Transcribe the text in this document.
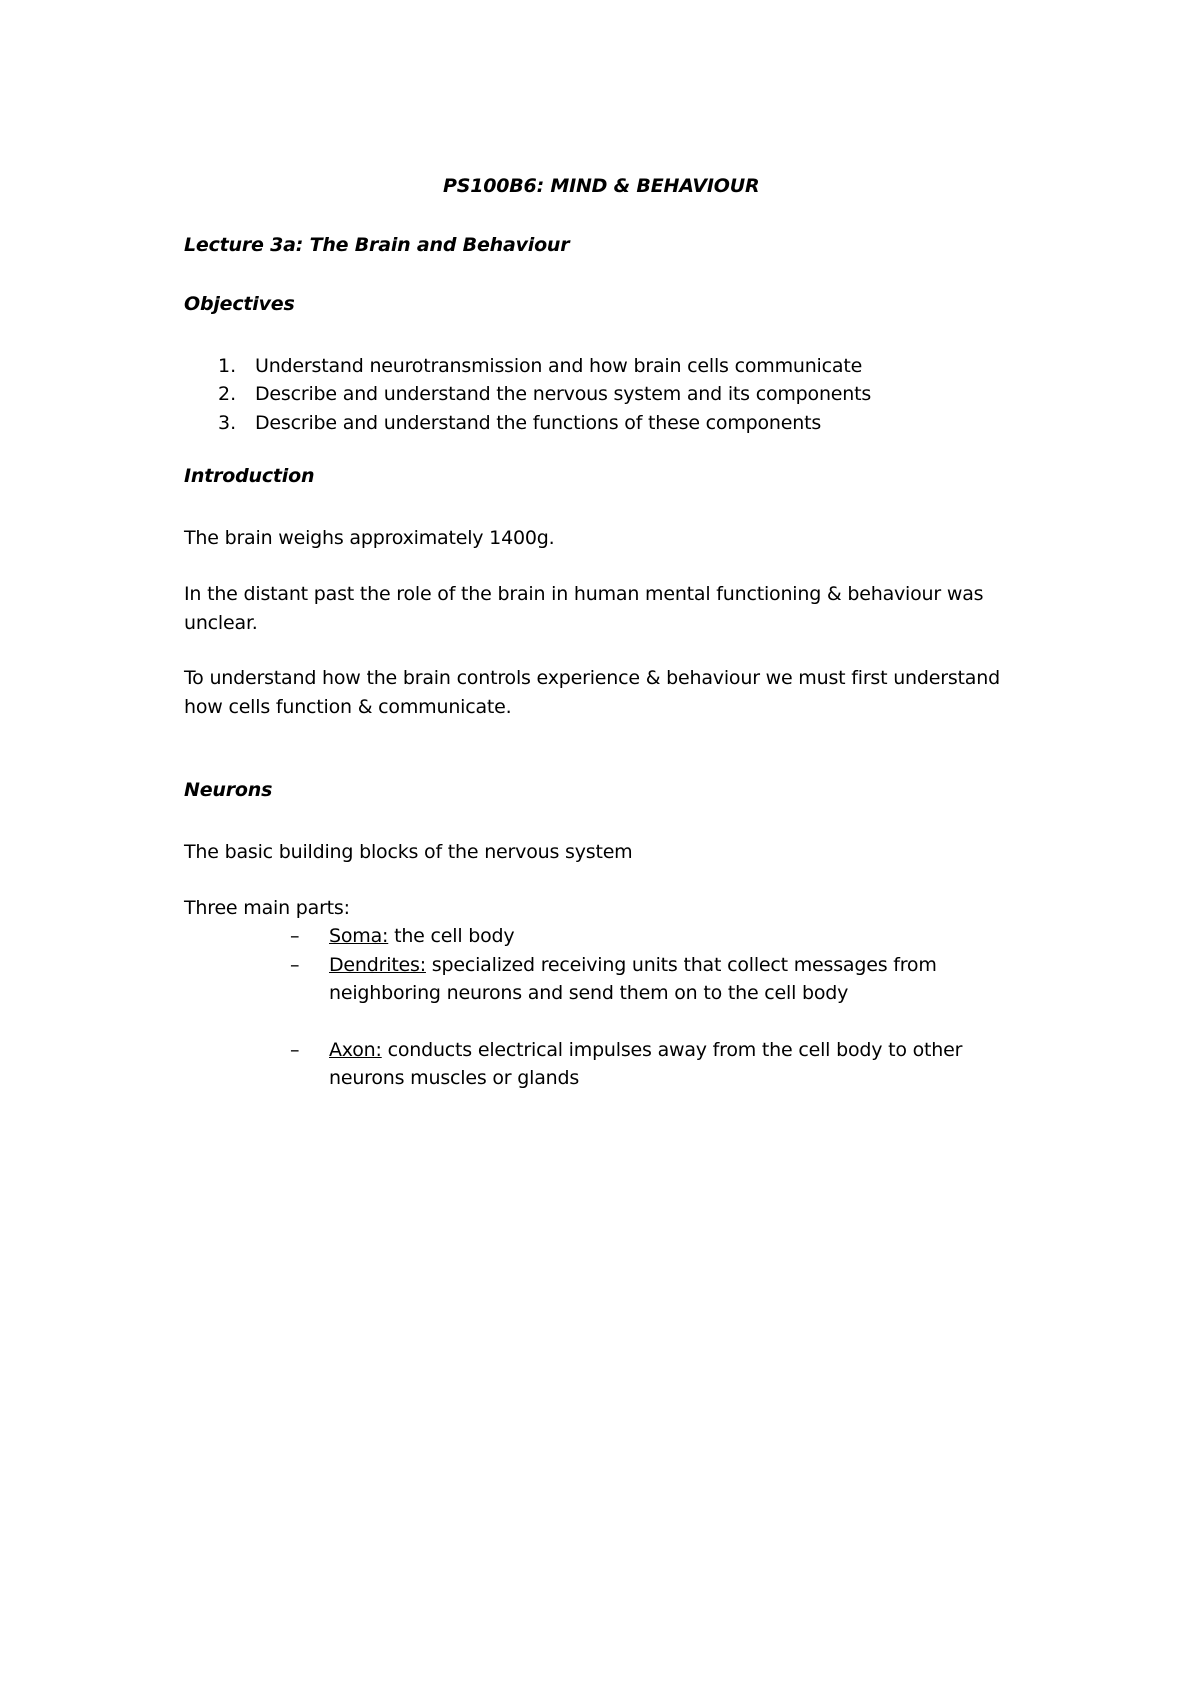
PS100B6: MIND & BEHAVIOUR
Lecture 3a: The Brain and Behaviour
Objectives
1. Understand neurotransmission and how brain cells communicate
2. Describe and understand the nervous system and its components
3. Describe and understand the functions of these components
Introduction
The brain weighs approximately 1400g.
In the distant past the role of the brain in human mental functioning & behaviour was
unclear.
To understand how the brain controls experience & behaviour we must first understand
how cells function & communicate.
Neurons
The basic building blocks of the nervous system
Three main parts:
– Soma: the cell body
– Dendrites: specialized receiving units that collect messages from
neighboring neurons and send them on to the cell body
– Axon: conducts electrical impulses away from the cell body to other
neurons muscles or glands
